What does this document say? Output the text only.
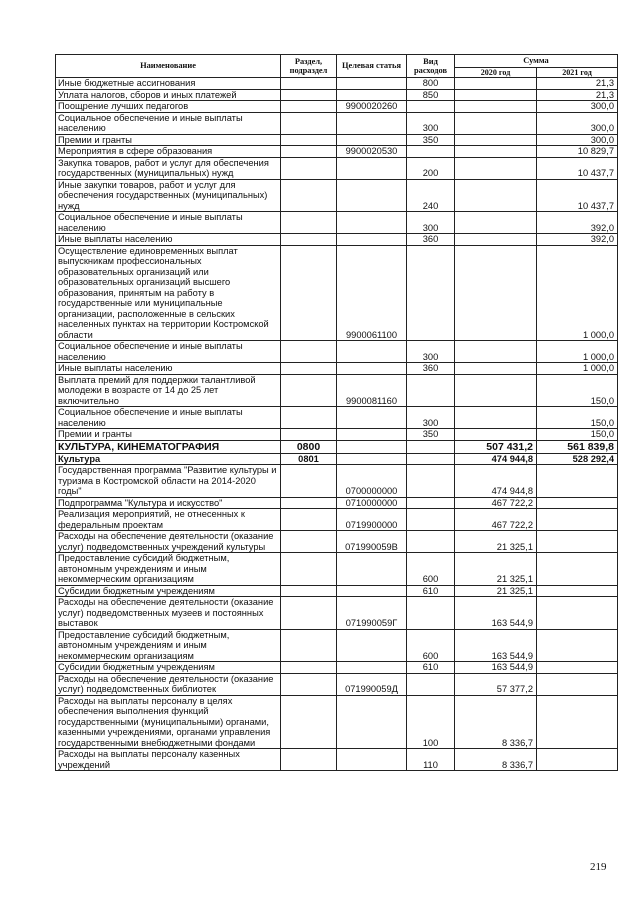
Наименование	Раздел, подраздел	Целевая статья	Вид расходов	Сумма	
				2020 год	2021 год
Иные бюджетные ассигнования			800		21,3
Уплата налогов, сборов и иных платежей			850		21,3
Поощрение лучших педагогов		9900020260			300,0
Социальное обеспечение и иные выплаты населению			300		300,0
Премии и гранты			350		300,0
Мероприятия в сфере образования		9900020530			10 829,7
Закупка товаров, работ и услуг для обеспечения государственных (муниципальных) нужд			200		10 437,7
Иные закупки товаров, работ и услуг для обеспечения государственных (муниципальных) нужд			240		10 437,7
Социальное обеспечение и иные выплаты населению			300		392,0
Иные выплаты населению			360		392,0
Осуществление единовременных выплат выпускникам профессиональных образовательных организаций или образовательных организаций высшего образования, принятым на работу в государственные или муниципальные организации, расположенные в сельских населенных пунктах на территории Костромской области		9900061100			1 000,0
Социальное обеспечение и иные выплаты населению			300		1 000,0
Иные выплаты населению			360		1 000,0
Выплата премий для поддержки талантливой молодежи в возрасте от 14 до 25 лет включительно		9900081160			150,0
Социальное обеспечение и иные выплаты населению			300		150,0
Премии и гранты			350		150,0
КУЛЬТУРА, КИНЕМАТОГРАФИЯ	0800			507 431,2	561 839,8
Культура	0801			474 944,8	528 292,4
Государственная программа "Развитие культуры и туризма в Костромской области на 2014-2020 годы"		0700000000		474 944,8	
Подпрограмма "Культура и искусство"		0710000000		467 722,2	
Реализация мероприятий, не отнесенных к федеральным проектам		0719900000		467 722,2	
Расходы на обеспечение деятельности (оказание услуг) подведомственных учреждений культуры		071990059В		21 325,1	
Предоставление субсидий бюджетным, автономным учреждениям и иным некоммерческим организациям			600	21 325,1	
Субсидии бюджетным учреждениям			610	21 325,1	
Расходы на обеспечение деятельности (оказание услуг) подведомственных музеев и постоянных выставок		071990059Г		163 544,9	
Предоставление субсидий бюджетным, автономным учреждениям и иным некоммерческим организациям			600	163 544,9	
Субсидии бюджетным учреждениям			610	163 544,9	
Расходы на обеспечение деятельности (оказание услуг) подведомственных библиотек		071990059Д		57 377,2	
Расходы на выплаты персоналу в целях обеспечения выполнения функций государственными (муниципальными) органами, казенными учреждениями, органами управления государственными внебюджетными фондами			100	8 336,7	
Расходы на выплаты персоналу казенных учреждений			110	8 336,7	
219
